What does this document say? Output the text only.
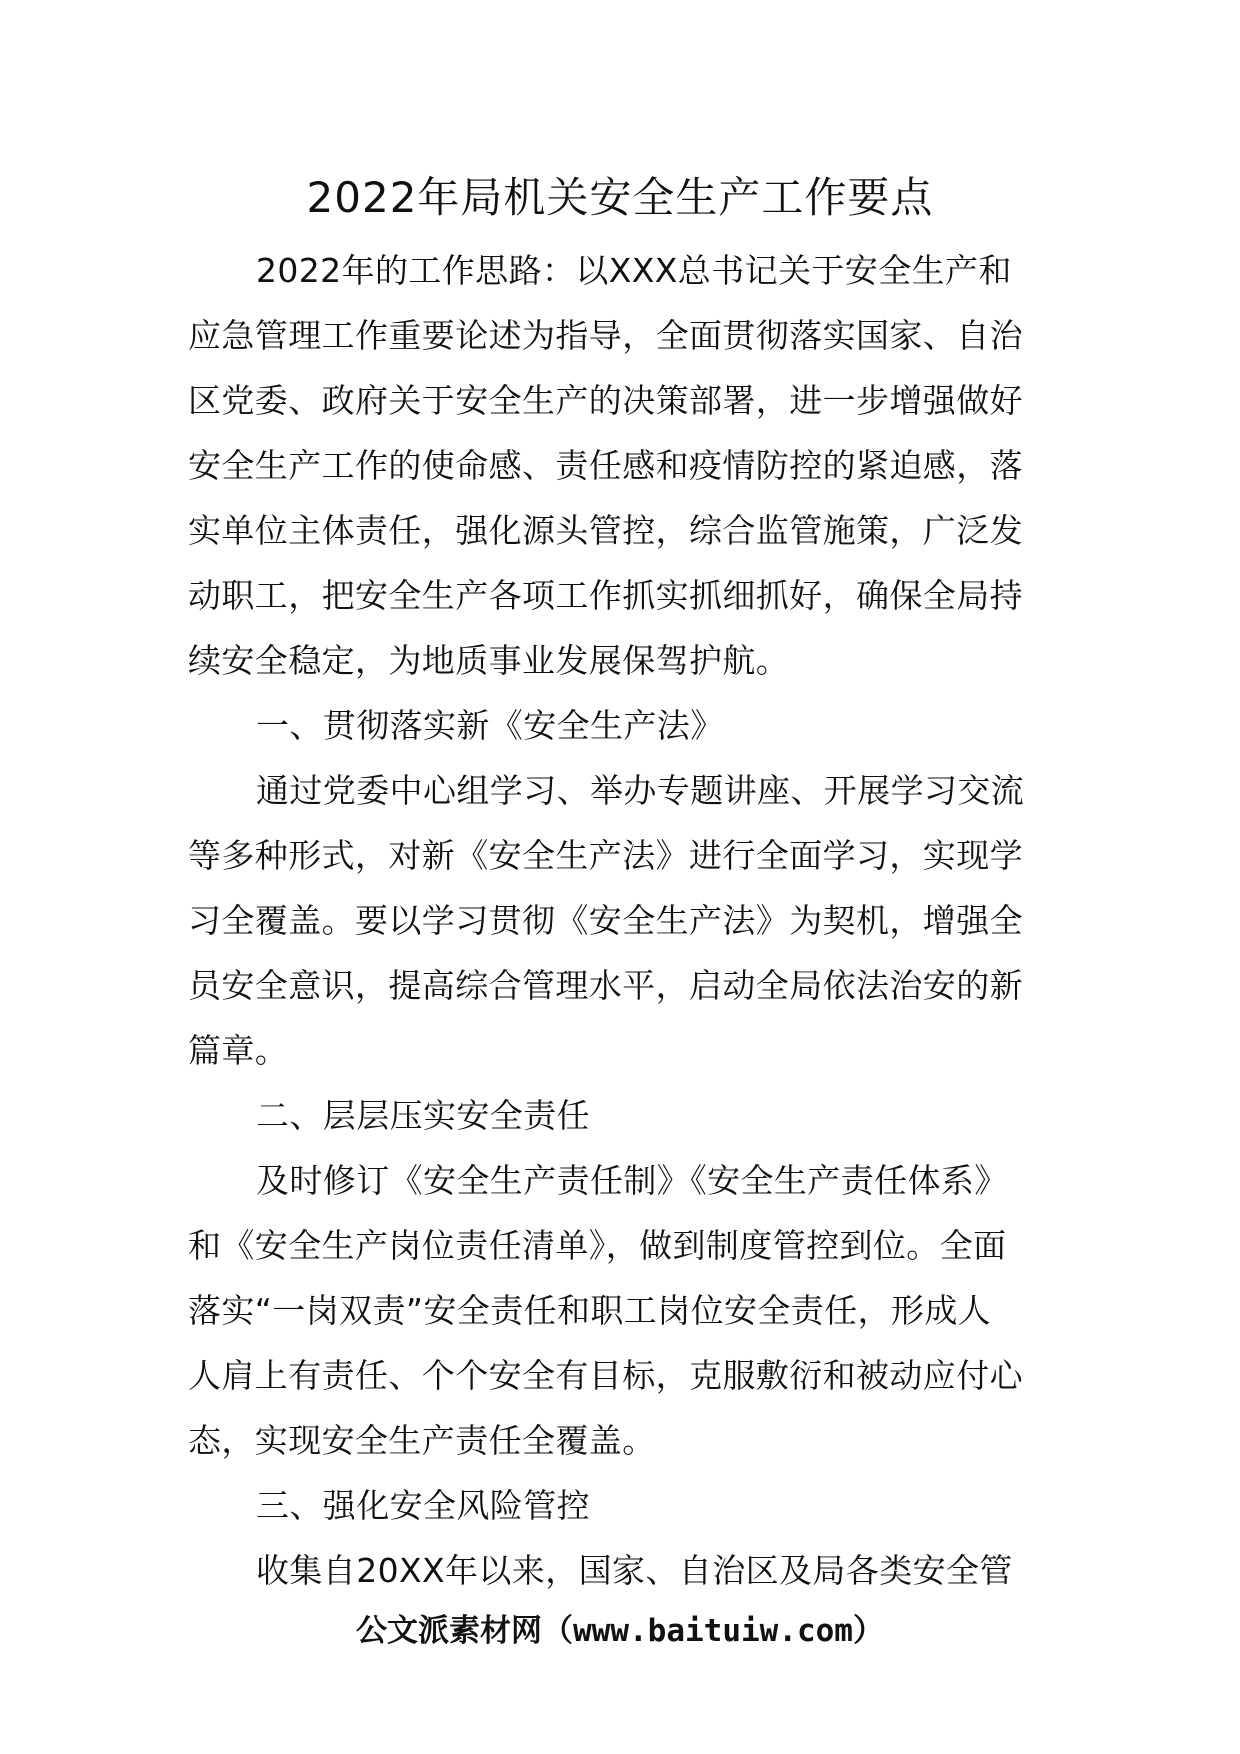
2022年局机关安全生产工作要点
2022年的工作思路：以XXX总书记关于安全生产和
应急管理工作重要论述为指导，全面贯彻落实国家、自治
区党委、政府关于安全生产的决策部署，进一步增强做好
安全生产工作的使命感、责任感和疫情防控的紧迫感，落
实单位主体责任，强化源头管控，综合监管施策，广泛发
动职工，把安全生产各项工作抓实抓细抓好，确保全局持
续安全稳定，为地质事业发展保驾护航。
一、贯彻落实新《安全生产法》
通过党委中心组学习、举办专题讲座、开展学习交流
等多种形式，对新《安全生产法》进行全面学习，实现学
习全覆盖。要以学习贯彻《安全生产法》为契机，增强全
员安全意识，提高综合管理水平，启动全局依法治安的新
篇章。
二、层层压实安全责任
及时修订《安全生产责任制》《安全生产责任体系》
和《安全生产岗位责任清单》，做到制度管控到位。全面
落实“一岗双责”安全责任和职工岗位安全责任，形成人
人肩上有责任、个个安全有目标，克服敷衍和被动应付心
态，实现安全生产责任全覆盖。
三、强化安全风险管控
收集自20XX年以来，国家、自治区及局各类安全管
公文派素材网（www.baituiw.com）
